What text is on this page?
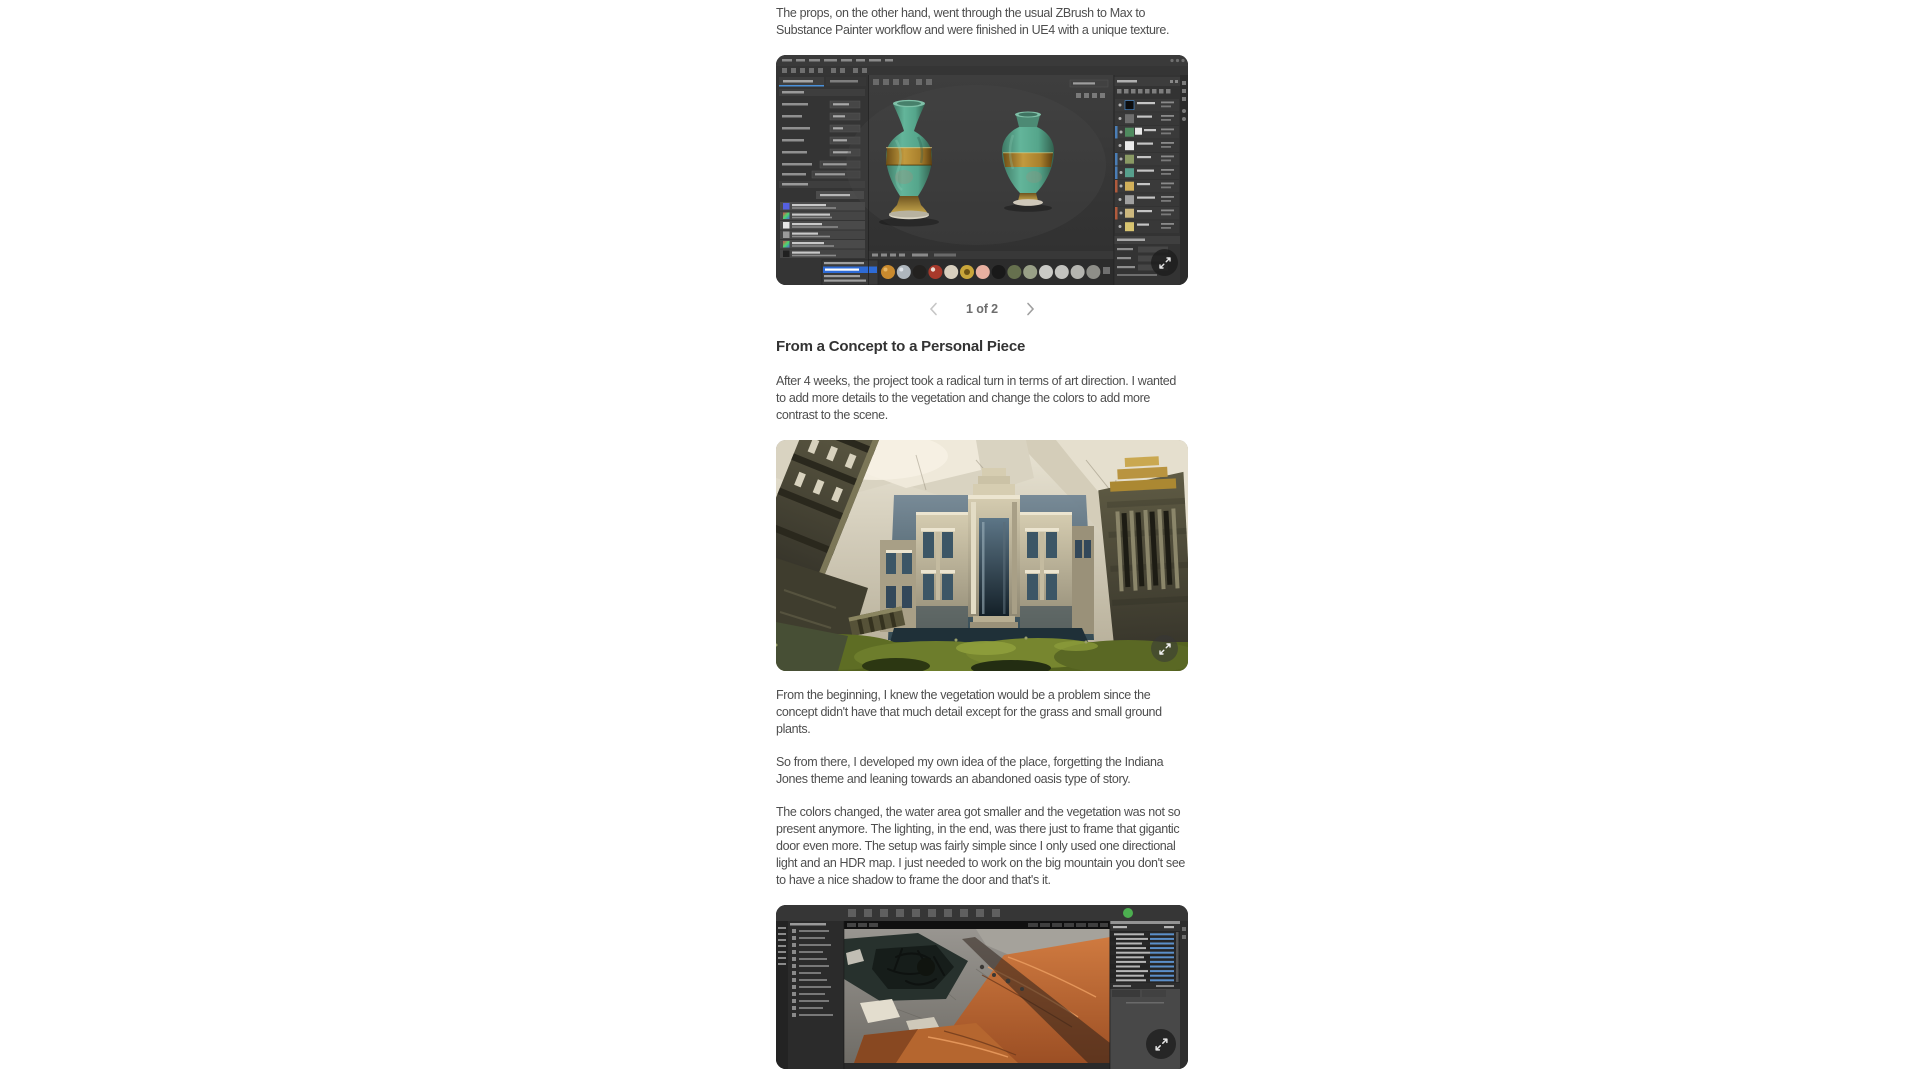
The props, on the other hand, went through the usual ZBrush to Max to Substance Painter workflow and were finished in UE4 with a unique texture.

1 of 2
From a Concept to a Personal Piece

After 4 weeks, the project took a radical turn in terms of art direction. I wanted to add more details to the vegetation and change the colors to add more contrast to the scene.

From the beginning, I knew the vegetation would be a problem since the concept didn't have that much detail except for the grass and small ground plants.

So from there, I developed my own idea of the place, forgetting the Indiana Jones theme and leaning towards an abandoned oasis type of story.

The colors changed, the water area got smaller and the vegetation was not so present anymore. The lighting, in the end, was there just to frame that gigantic door even more. The setup was fairly simple since I only used one directional light and an HDR map. I just needed to work on the big mountain you don't see to have a nice shadow to frame the door and that's it.
